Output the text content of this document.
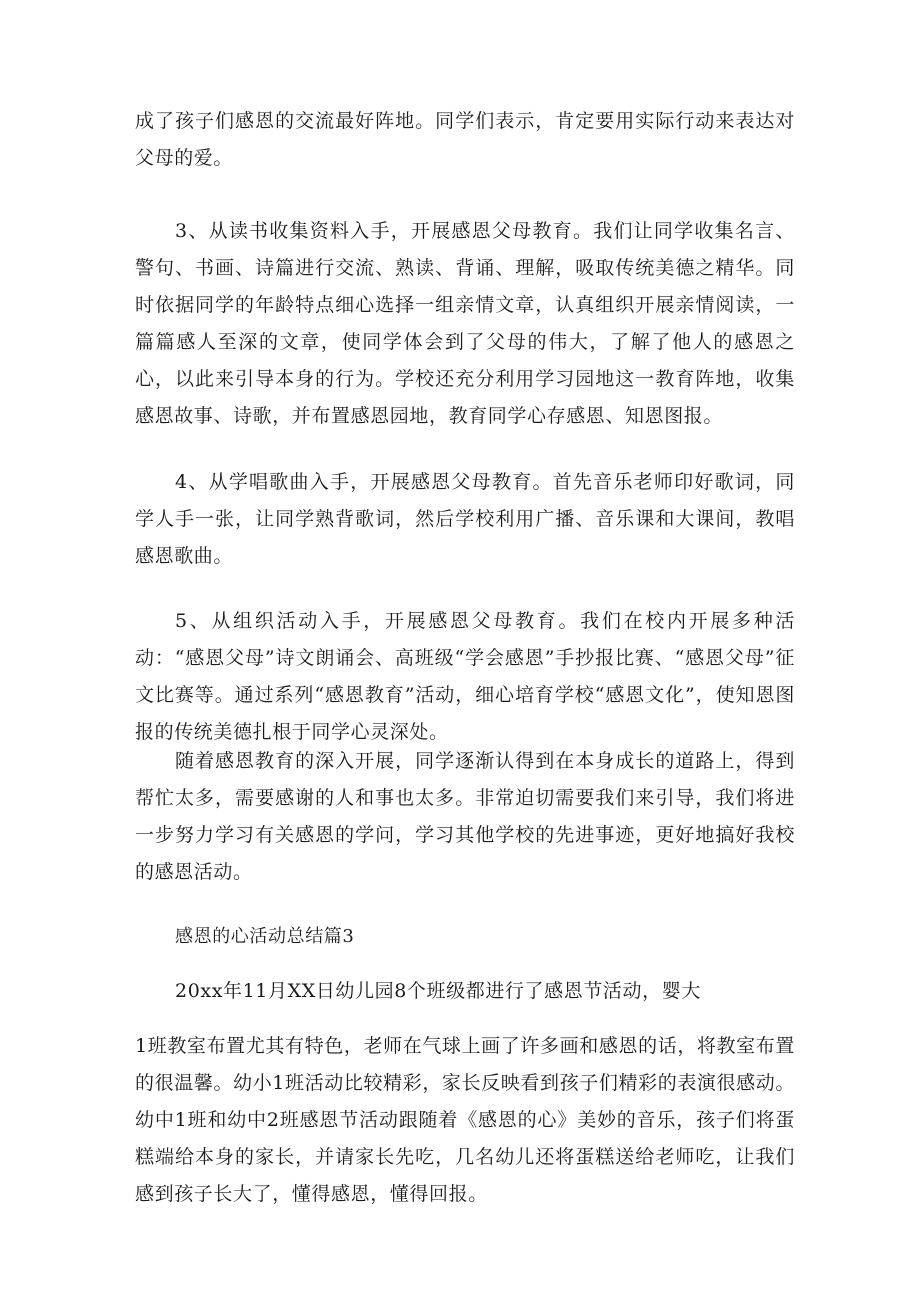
成了孩子们感恩的交流最好阵地。同学们表示，肯定要用实际行动来表达对父母的爱。

3、从读书收集资料入手，开展感恩父母教育。我们让同学收集名言、警句、书画、诗篇进行交流、熟读、背诵、理解，吸取传统美德之精华。同时依据同学的年龄特点细心选择一组亲情文章，认真组织开展亲情阅读，一篇篇感人至深的文章，使同学体会到了父母的伟大，了解了他人的感恩之心，以此来引导本身的行为。学校还充分利用学习园地这一教育阵地，收集感恩故事、诗歌，并布置感恩园地，教育同学心存感恩、知恩图报。

4、从学唱歌曲入手，开展感恩父母教育。首先音乐老师印好歌词，同学人手一张，让同学熟背歌词，然后学校利用广播、音乐课和大课间，教唱感恩歌曲。

5、从组织活动入手，开展感恩父母教育。我们在校内开展多种活动：“感恩父母”诗文朗诵会、高班级“学会感恩”手抄报比赛、“感恩父母”征文比赛等。通过系列“感恩教育”活动，细心培育学校“感恩文化”，使知恩图报的传统美德扎根于同学心灵深处。

随着感恩教育的深入开展，同学逐渐认得到在本身成长的道路上，得到帮忙太多，需要感谢的人和事也太多。非常迫切需要我们来引导，我们将进一步努力学习有关感恩的学问，学习其他学校的先进事迹，更好地搞好我校的感恩活动。

感恩的心活动总结篇3

20xx年11月XX日幼儿园8个班级都进行了感恩节活动，婴大

1班教室布置尤其有特色，老师在气球上画了许多画和感恩的话，将教室布置的很温馨。幼小1班活动比较精彩，家长反映看到孩子们精彩的表演很感动。幼中1班和幼中2班感恩节活动跟随着《感恩的心》美妙的音乐，孩子们将蛋糕端给本身的家长，并请家长先吃，几名幼儿还将蛋糕送给老师吃，让我们感到孩子长大了，懂得感恩，懂得回报。
